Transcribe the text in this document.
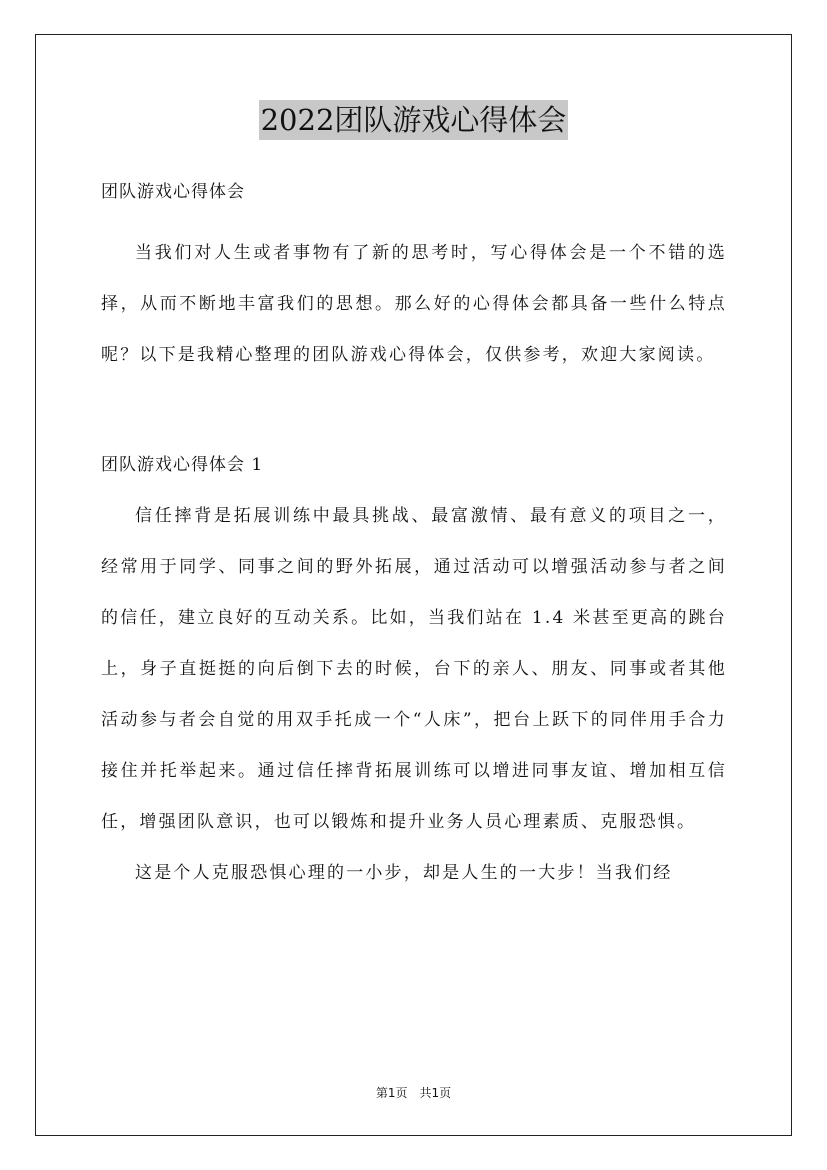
2022团队游戏心得体会

团队游戏心得体会

当我们对人生或者事物有了新的思考时，写心得体会是一个不错的选择，从而不断地丰富我们的思想。那么好的心得体会都具备一些什么特点呢？以下是我精心整理的团队游戏心得体会，仅供参考，欢迎大家阅读。

团队游戏心得体会 1

信任摔背是拓展训练中最具挑战、最富激情、最有意义的项目之一，经常用于同学、同事之间的野外拓展，通过活动可以增强活动参与者之间的信任，建立良好的互动关系。比如，当我们站在 1.4 米甚至更高的跳台上，身子直挺挺的向后倒下去的时候，台下的亲人、朋友、同事或者其他活动参与者会自觉的用双手托成一个“人床”，把台上跃下的同伴用手合力接住并托举起来。通过信任摔背拓展训练可以增进同事友谊、增加相互信任，增强团队意识，也可以锻炼和提升业务人员心理素质、克服恐惧。

这是个人克服恐惧心理的一小步，却是人生的一大步！当我们经

第1页　共1页
